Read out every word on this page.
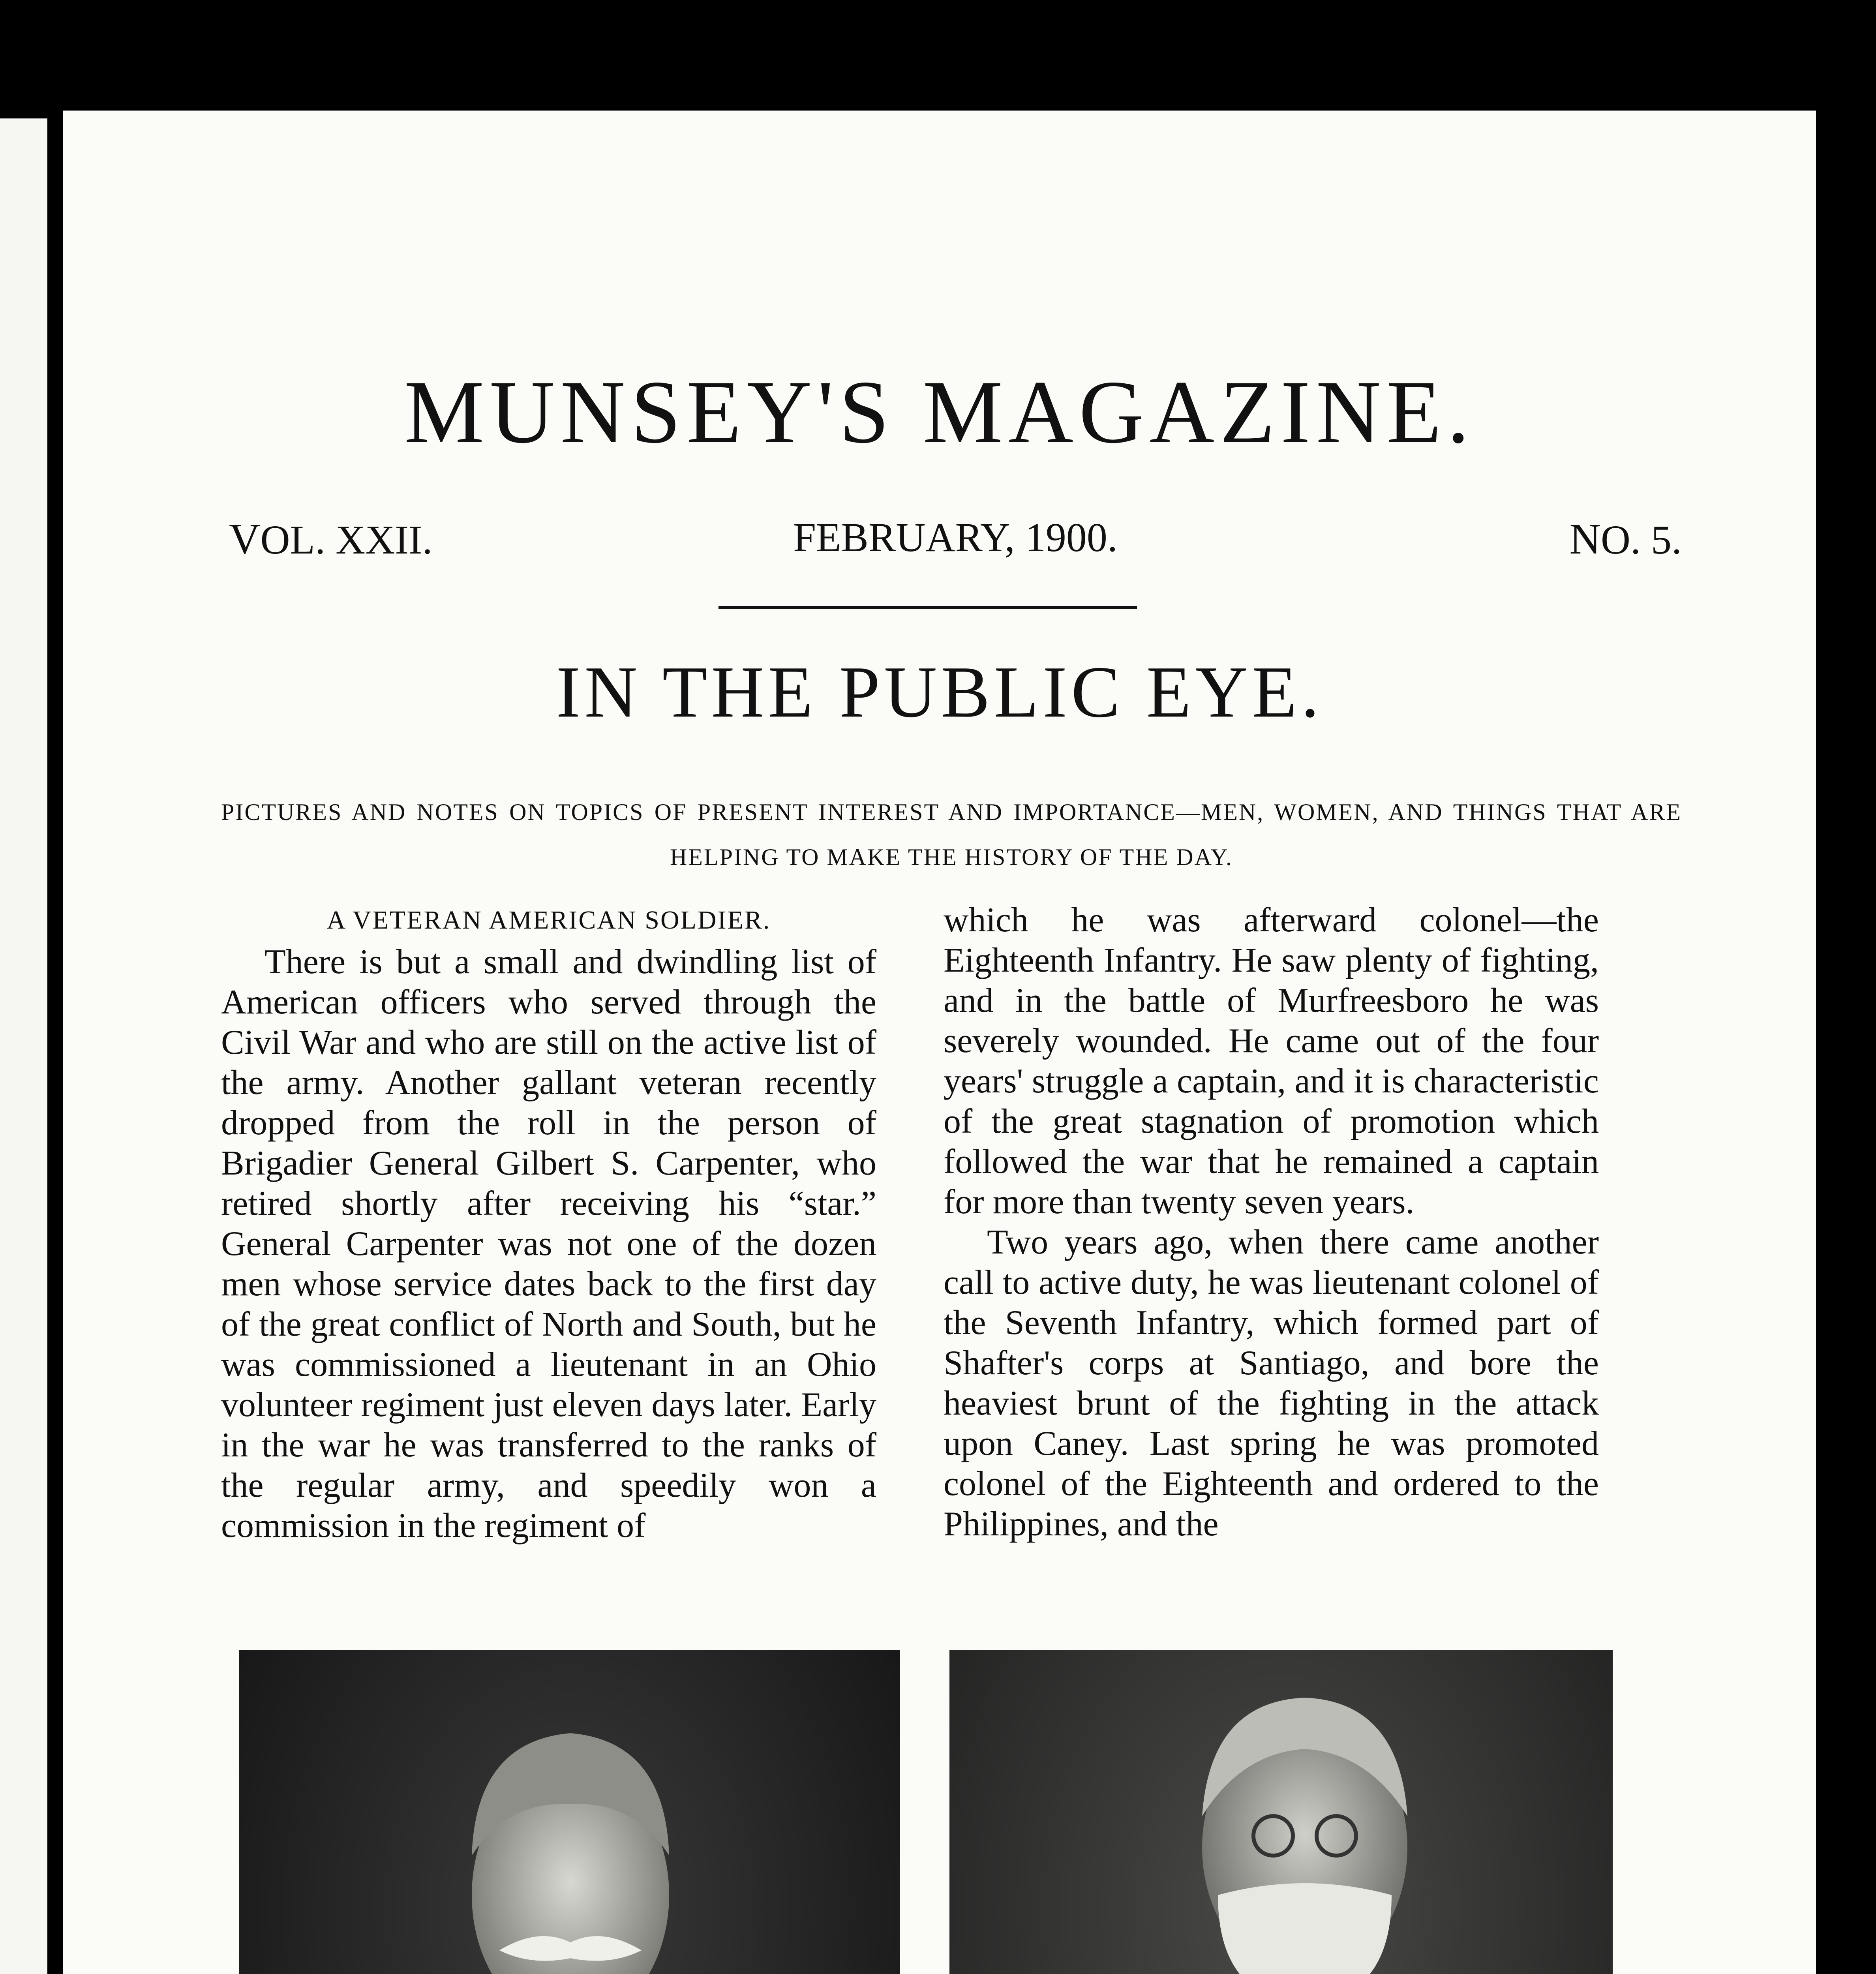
MUNSEY'S MAGAZINE.
VOL. XXII.	FEBRUARY, 1900.	NO. 5.
IN THE PUBLIC EYE.
PICTURES AND NOTES ON TOPICS OF PRESENT INTEREST AND IMPORTANCE—MEN, WOMEN, AND THINGS THAT ARE HELPING TO MAKE THE HISTORY OF THE DAY.

A VETERAN AMERICAN SOLDIER.

There is but a small and dwindling list of American officers who served through the Civil War and who are still on the active list of the army. Another gallant veteran recently dropped from the roll in the person of Brigadier General Gilbert S. Carpenter, who retired shortly after receiving his “star.” General Carpenter was not one of the dozen men whose service dates back to the first day of the great conflict of North and South, but he was commissioned a lieutenant in an Ohio volunteer regiment just eleven days later. Early in the war he was transferred to the ranks of the regular army, and speedily won a commission in the regiment of

which he was afterward colonel—the Eighteenth Infantry. He saw plenty of fighting, and in the battle of Murfreesboro he was severely wounded. He came out of the four years' struggle a captain, and it is characteristic of the great stagnation of promotion which followed the war that he remained a captain for more than twenty seven years.

Two years ago, when there came another call to active duty, he was lieutenant colonel of the Seventh Infantry, which formed part of Shafter's corps at Santiago, and bore the heaviest brunt of the fighting in the attack upon Caney. Last spring he was promoted colonel of the Eighteenth and ordered to the Philippines, and the
